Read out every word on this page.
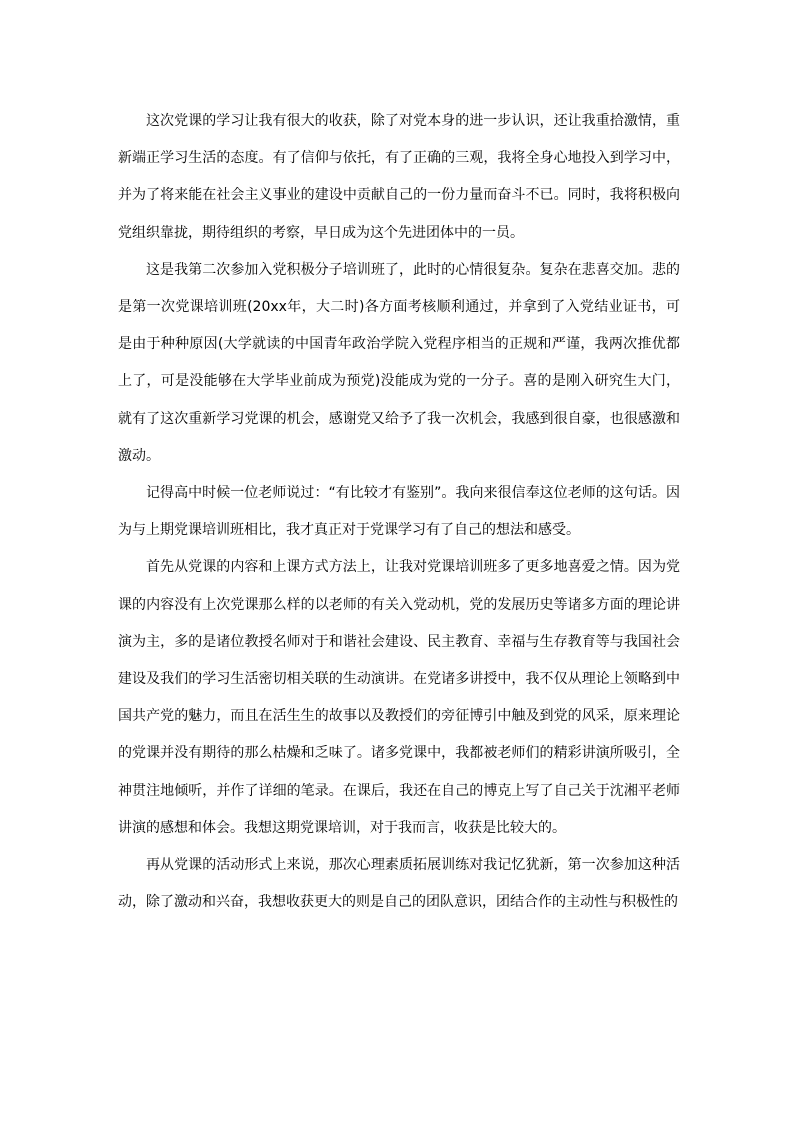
这次党课的学习让我有很大的收获，除了对党本身的进一步认识，还让我重拾激情，重新端正学习生活的态度。有了信仰与依托，有了正确的三观，我将全身心地投入到学习中，并为了将来能在社会主义事业的建设中贡献自己的一份力量而奋斗不已。同时，我将积极向党组织靠拢，期待组织的考察，早日成为这个先进团体中的一员。

这是我第二次参加入党积极分子培训班了，此时的心情很复杂。复杂在悲喜交加。悲的是第一次党课培训班(20xx年，大二时)各方面考核顺利通过，并拿到了入党结业证书，可是由于种种原因(大学就读的中国青年政治学院入党程序相当的正规和严谨，我两次推优都上了，可是没能够在大学毕业前成为预党)没能成为党的一分子。喜的是刚入研究生大门，就有了这次重新学习党课的机会，感谢党又给予了我一次机会，我感到很自豪，也很感激和激动。

记得高中时候一位老师说过：“有比较才有鉴别”。我向来很信奉这位老师的这句话。因为与上期党课培训班相比，我才真正对于党课学习有了自己的想法和感受。

首先从党课的内容和上课方式方法上，让我对党课培训班多了更多地喜爱之情。因为党课的内容没有上次党课那么样的以老师的有关入党动机，党的发展历史等诸多方面的理论讲演为主，多的是诸位教授名师对于和谐社会建设、民主教育、幸福与生存教育等与我国社会建设及我们的学习生活密切相关联的生动演讲。在党诸多讲授中，我不仅从理论上领略到中国共产党的魅力，而且在活生生的故事以及教授们的旁征博引中触及到党的风采，原来理论的党课并没有期待的那么枯燥和乏味了。诸多党课中，我都被老师们的精彩讲演所吸引，全神贯注地倾听，并作了详细的笔录。在课后，我还在自己的博克上写了自己关于沈湘平老师讲演的感想和体会。我想这期党课培训，对于我而言，收获是比较大的。

再从党课的活动形式上来说，那次心理素质拓展训练对我记忆犹新，第一次参加这种活动，除了激动和兴奋，我想收获更大的则是自己的团队意识，团结合作的主动性与积极性的
